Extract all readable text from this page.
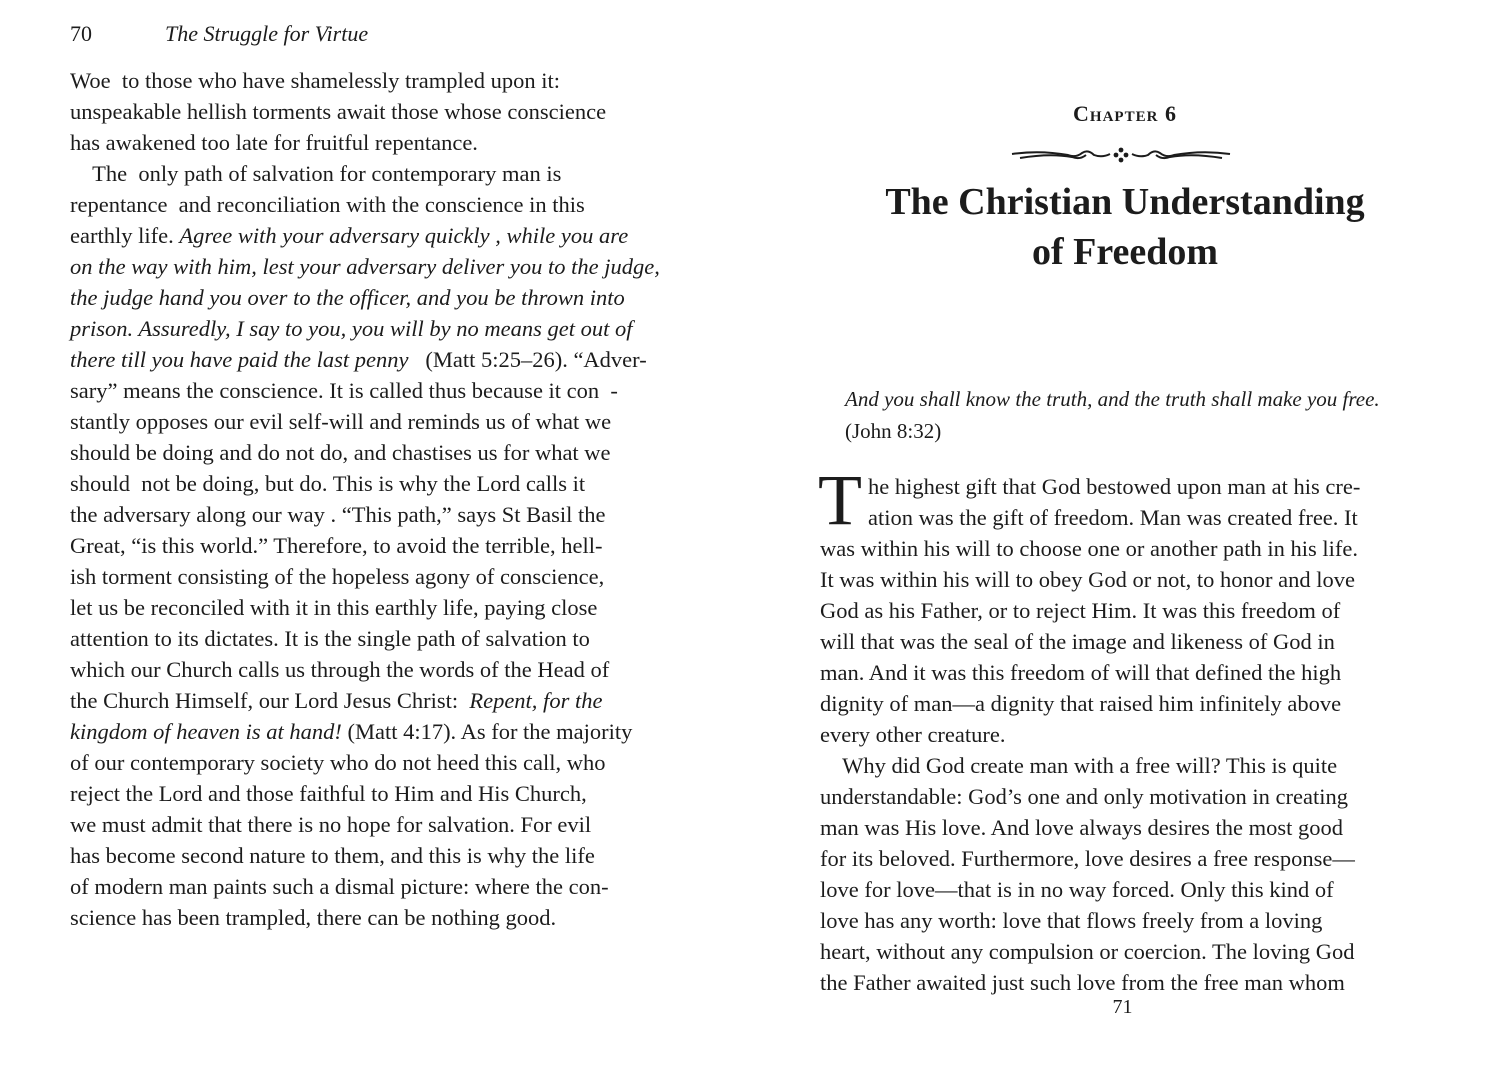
70	The Struggle for Virtue
Woe  to those who have shamelessly trampled upon it:
unspeakable hellish torments await those whose conscience
has awakened too late for fruitful repentance.
The  only path of salvation for contemporary man is
repentance  and reconciliation with the conscience in this
earthly life. Agree with your adversary quickly , while you are
on the way with him, lest your adversary deliver you to the judge,
the judge hand you over to the officer, and you be thrown into
prison. Assuredly, I say to you, you will by no means get out of
there till you have paid the last penny   (Matt 5:25–26). “Adver-
sary” means the conscience. It is called thus because it con  -
stantly opposes our evil self-will and reminds us of what we
should be doing and do not do, and chastises us for what we
should  not be doing, but do. This is why the Lord calls it
the adversary along our way . “This path,” says St Basil the
Great, “is this world.” Therefore, to avoid the terrible, hell-
ish torment consisting of the hopeless agony of conscience,
let us be reconciled with it in this earthly life, paying close
attention to its dictates. It is the single path of salvation to
which our Church calls us through the words of the Head of
the Church Himself, our Lord Jesus Christ:  Repent, for the
kingdom of heaven is at hand! (Matt 4:17). As for the majority
of our contemporary society who do not heed this call, who
reject the Lord and those faithful to Him and His Church,
we must admit that there is no hope for salvation. For evil
has become second nature to them, and this is why the life
of modern man paints such a dismal picture: where the con-
science has been trampled, there can be nothing good.
Chapter 6
The Christian Understanding
of Freedom
And you shall know the truth, and the truth shall make you free.
(John 8:32)
T he highest gift that God bestowed upon man at his cre-
ation was the gift of freedom. Man was created free. It
was within his will to choose one or another path in his life.
It was within his will to obey God or not, to honor and love
God as his Father, or to reject Him. It was this freedom of
will that was the seal of the image and likeness of God in
man. And it was this freedom of will that defined the high
dignity of man—a dignity that raised him infinitely above
every other creature.
Why did God create man with a free will? This is quite
understandable: God’s one and only motivation in creating
man was His love. And love always desires the most good
for its beloved. Furthermore, love desires a free response—
love for love—that is in no way forced. Only this kind of
love has any worth: love that flows freely from a loving
heart, without any compulsion or coercion. The loving God
the Father awaited just such love from the free man whom
71
